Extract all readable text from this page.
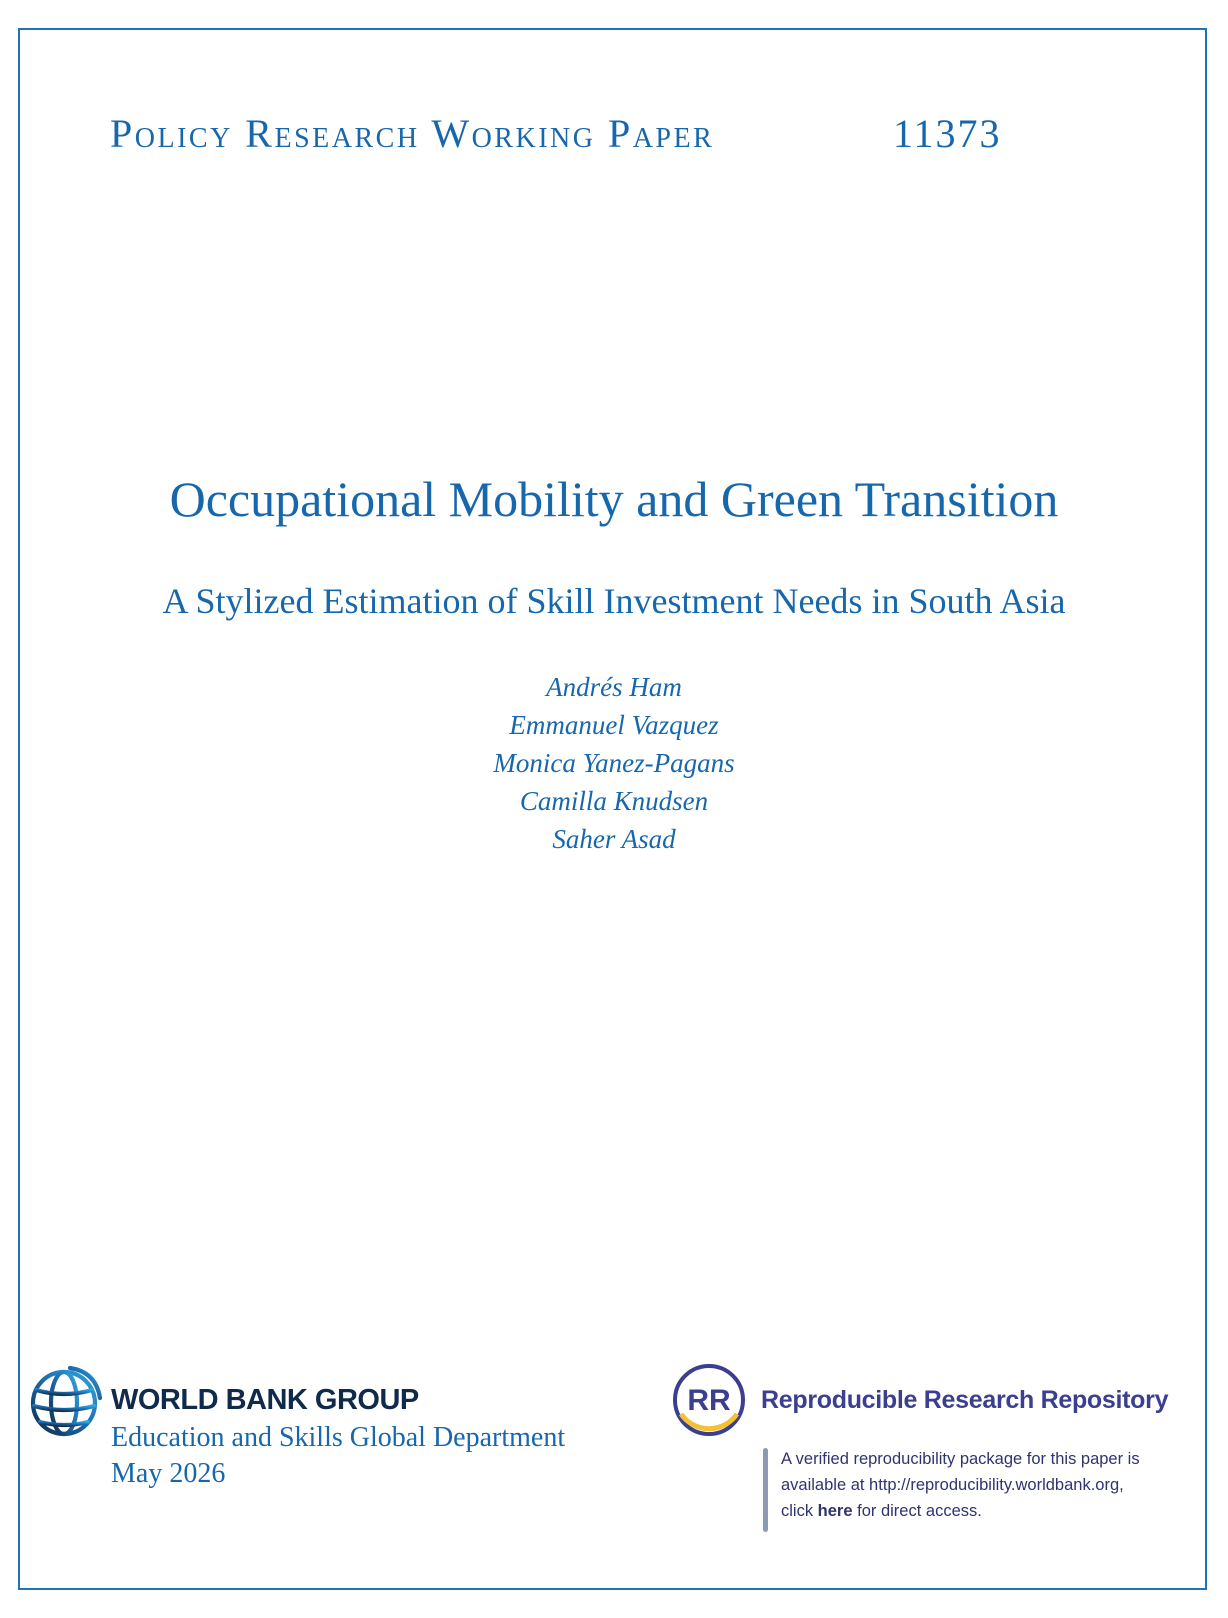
Policy Research Working Paper	11373
Occupational Mobility and Green Transition
A Stylized Estimation of Skill Investment Needs in South Asia
Andrés Ham
Emmanuel Vazquez
Monica Yanez-Pagans
Camilla Knudsen
Saher Asad
WORLD BANK GROUP
Education and Skills Global Department
May 2026
RR Reproducible Research Repository
A verified reproducibility package for this paper is
available at http://reproducibility.worldbank.org,
click here for direct access.
